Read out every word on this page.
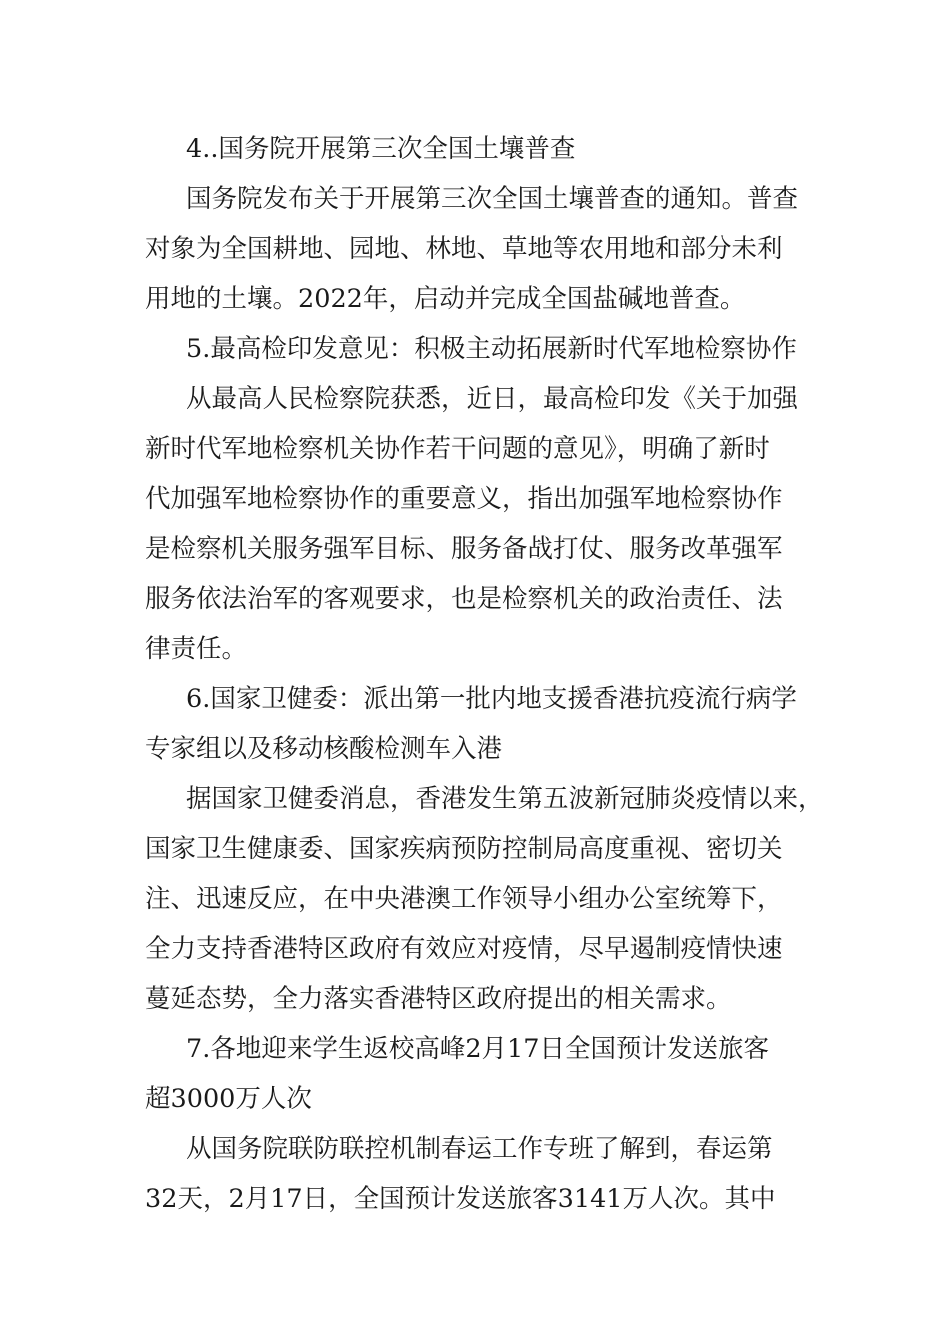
4..国务院开展第三次全国土壤普查
国务院发布关于开展第三次全国土壤普查的通知。普查
对象为全国耕地、园地、林地、草地等农用地和部分未利
用地的土壤。2022年，启动并完成全国盐碱地普查。
5.最高检印发意见：积极主动拓展新时代军地检察协作
从最高人民检察院获悉，近日，最高检印发《关于加强
新时代军地检察机关协作若干问题的意见》，明确了新时
代加强军地检察协作的重要意义，指出加强军地检察协作
是检察机关服务强军目标、服务备战打仗、服务改革强军
服务依法治军的客观要求，也是检察机关的政治责任、法
律责任。
6.国家卫健委：派出第一批内地支援香港抗疫流行病学
专家组以及移动核酸检测车入港
据国家卫健委消息，香港发生第五波新冠肺炎疫情以来，
国家卫生健康委、国家疾病预防控制局高度重视、密切关
注、迅速反应，在中央港澳工作领导小组办公室统筹下，
全力支持香港特区政府有效应对疫情，尽早遏制疫情快速
蔓延态势，全力落实香港特区政府提出的相关需求。
7.各地迎来学生返校高峰2月17日全国预计发送旅客
超3000万人次
从国务院联防联控机制春运工作专班了解到，春运第
32天，2月17日，全国预计发送旅客3141万人次。其中
